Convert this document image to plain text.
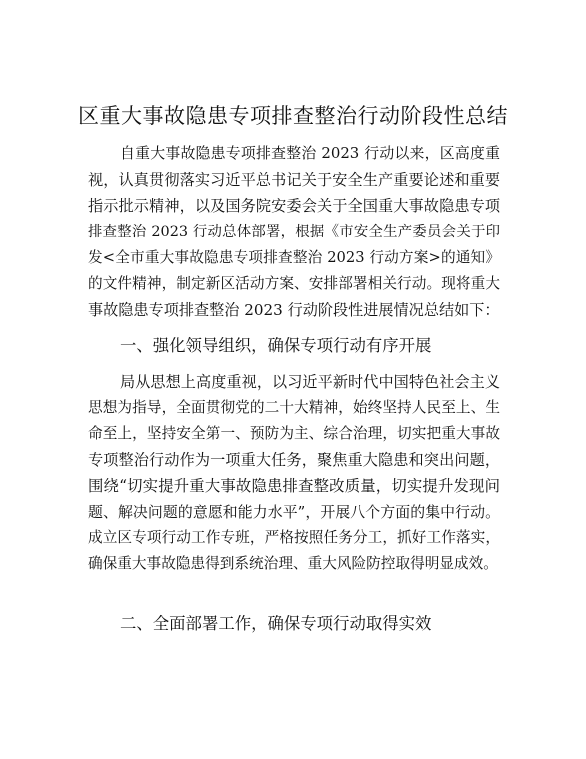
区重大事故隐患专项排查整治行动阶段性总结

自重大事故隐患专项排查整治 2023 行动以来，区高度重

视，认真贯彻落实习近平总书记关于安全生产重要论述和重要

指示批示精神，以及国务院安委会关于全国重大事故隐患专项

排查整治 2023 行动总体部署，根据《市安全生产委员会关于印

发<全市重大事故隐患专项排查整治 2023 行动方案>的通知》

的文件精神，制定新区活动方案、安排部署相关行动。现将重大

事故隐患专项排查整治 2023 行动阶段性进展情况总结如下：

一、强化领导组织，确保专项行动有序开展

局从思想上高度重视，以习近平新时代中国特色社会主义

思想为指导，全面贯彻党的二十大精神，始终坚持人民至上、生

命至上，坚持安全第一、预防为主、综合治理，切实把重大事故

专项整治行动作为一项重大任务，聚焦重大隐患和突出问题，

围绕“切实提升重大事故隐患排查整改质量，切实提升发现问

题、解决问题的意愿和能力水平”，开展八个方面的集中行动。

成立区专项行动工作专班，严格按照任务分工，抓好工作落实，

确保重大事故隐患得到系统治理、重大风险防控取得明显成效。

二、全面部署工作，确保专项行动取得实效
